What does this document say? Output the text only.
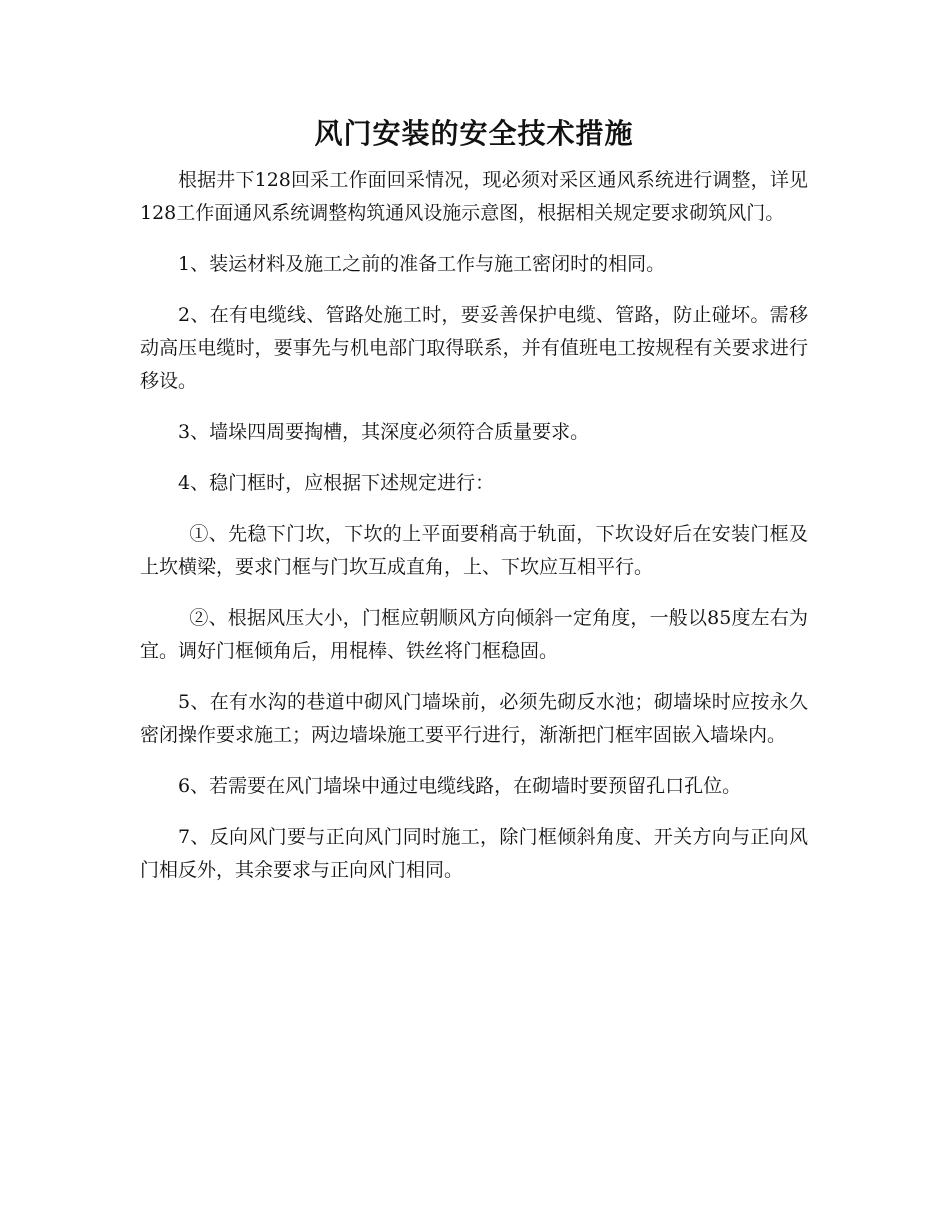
风门安装的安全技术措施

根据井下128回采工作面回采情况，现必须对采区通风系统进行调整，详见128工作面通风系统调整构筑通风设施示意图，根据相关规定要求砌筑风门。

1、装运材料及施工之前的准备工作与施工密闭时的相同。

2、在有电缆线、管路处施工时，要妥善保护电缆、管路，防止碰坏。需移动高压电缆时，要事先与机电部门取得联系，并有值班电工按规程有关要求进行移设。

3、墙垛四周要掏槽，其深度必须符合质量要求。

4、稳门框时，应根据下述规定进行：

①、先稳下门坎，下坎的上平面要稍高于轨面，下坎设好后在安装门框及上坎横梁，要求门框与门坎互成直角，上、下坎应互相平行。

②、根据风压大小，门框应朝顺风方向倾斜一定角度，一般以85度左右为宜。调好门框倾角后，用棍棒、铁丝将门框稳固。

5、在有水沟的巷道中砌风门墙垛前，必须先砌反水池；砌墙垛时应按永久密闭操作要求施工；两边墙垛施工要平行进行，渐渐把门框牢固嵌入墙垛内。

6、若需要在风门墙垛中通过电缆线路，在砌墙时要预留孔口孔位。

7、反向风门要与正向风门同时施工，除门框倾斜角度、开关方向与正向风门相反外，其余要求与正向风门相同。
